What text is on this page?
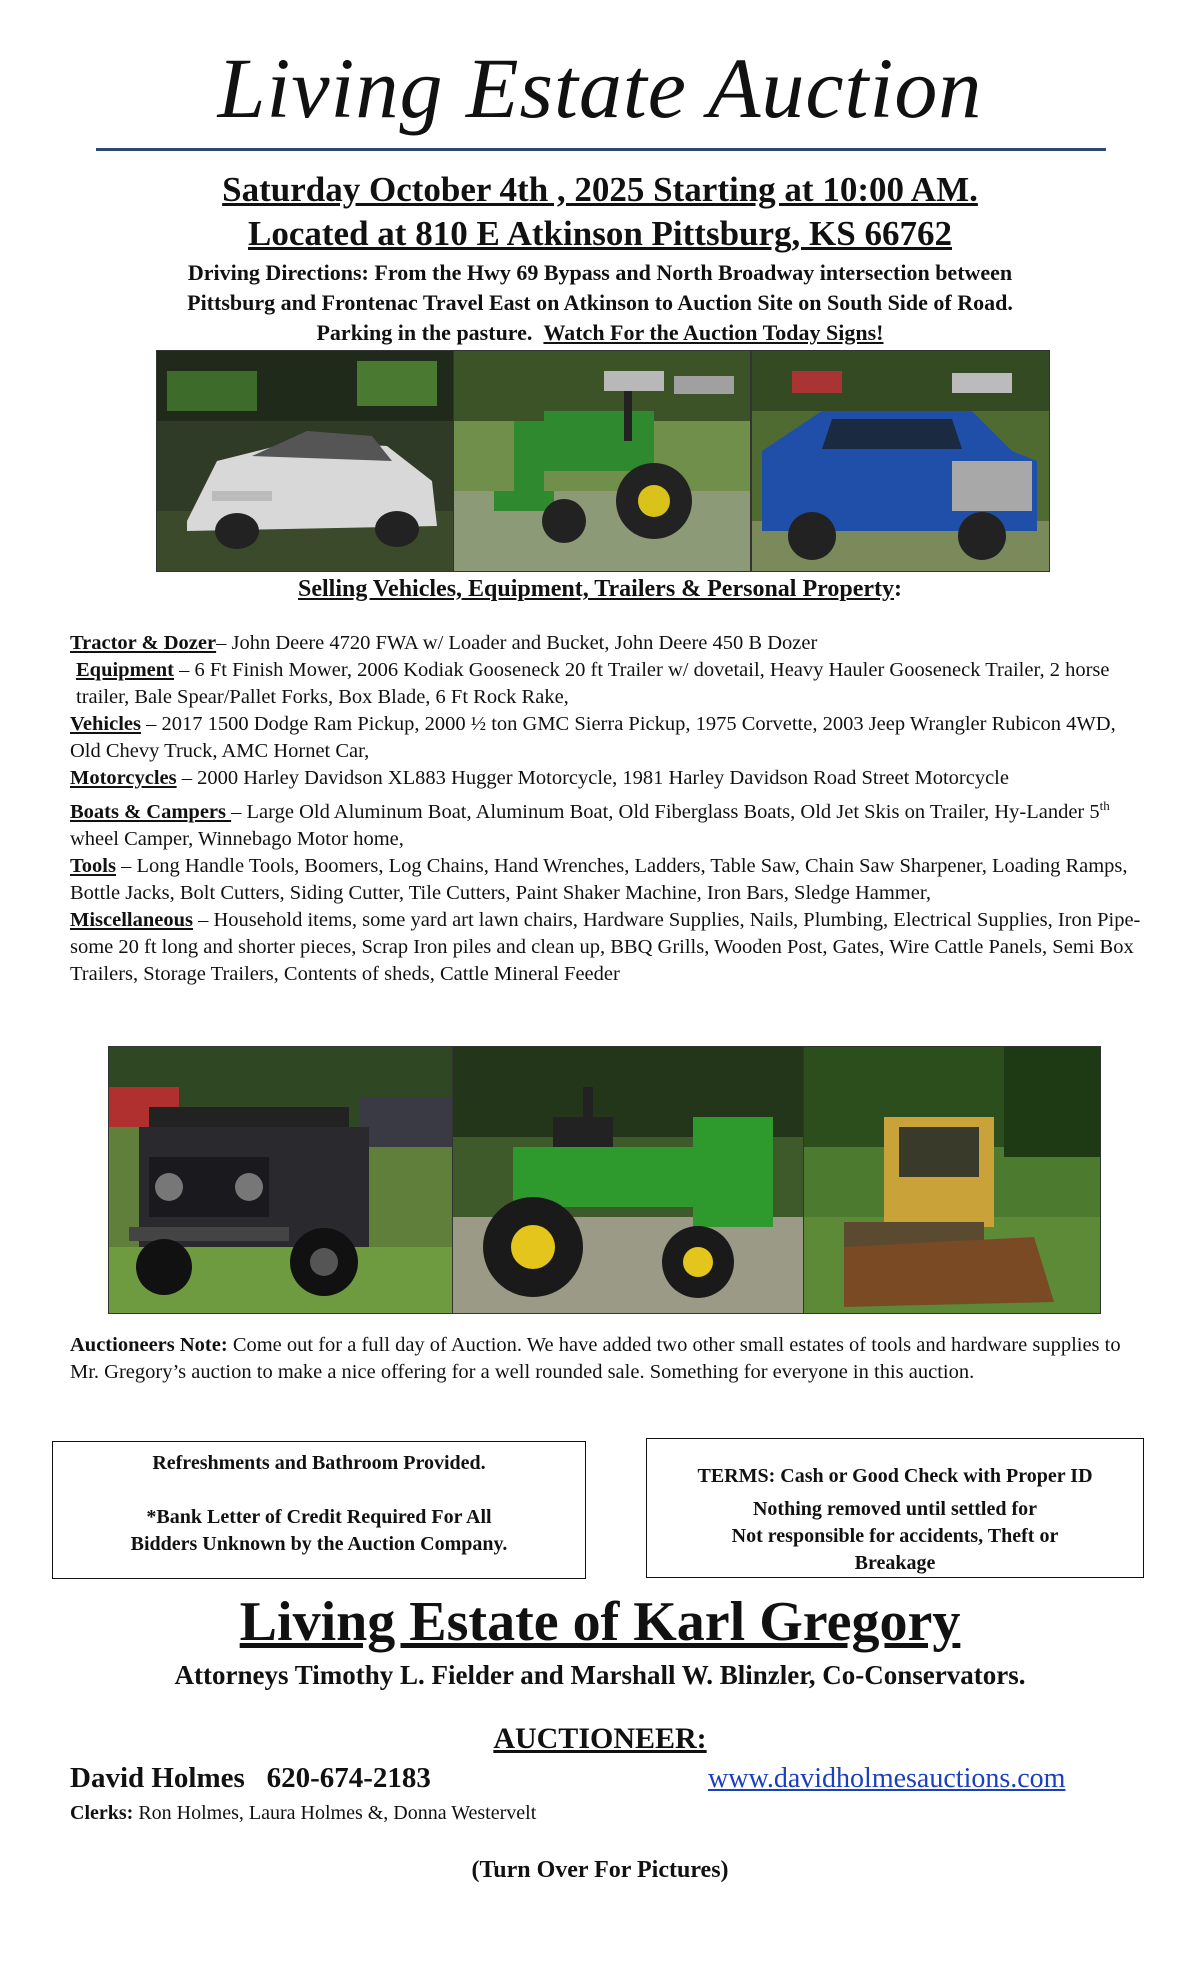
Living Estate Auction
Saturday October 4th , 2025 Starting at 10:00 AM.
Located at 810 E Atkinson Pittsburg, KS 66762
Driving Directions: From the Hwy 69 Bypass and North Broadway intersection between
Pittsburg and Frontenac Travel East on Atkinson to Auction Site on South Side of Road.
Parking in the pasture. Watch For the Auction Today Signs!
Selling Vehicles, Equipment, Trailers & Personal Property:
Tractor & Dozer– John Deere 4720 FWA w/ Loader and Bucket, John Deere 450 B Dozer
Equipment – 6 Ft Finish Mower, 2006 Kodiak Gooseneck 20 ft Trailer w/ dovetail, Heavy Hauler Gooseneck Trailer, 2 horse trailer, Bale Spear/Pallet Forks, Box Blade, 6 Ft Rock Rake,
Vehicles – 2017 1500 Dodge Ram Pickup, 2000 ½ ton GMC Sierra Pickup, 1975 Corvette, 2003 Jeep Wrangler Rubicon 4WD, Old Chevy Truck, AMC Hornet Car,
Motorcycles – 2000 Harley Davidson XL883 Hugger Motorcycle, 1981 Harley Davidson Road Street Motorcycle
Boats & Campers – Large Old Aluminum Boat, Aluminum Boat, Old Fiberglass Boats, Old Jet Skis on Trailer, Hy-Lander 5th wheel Camper, Winnebago Motor home,
Tools – Long Handle Tools, Boomers, Log Chains, Hand Wrenches, Ladders, Table Saw, Chain Saw Sharpener, Loading Ramps, Bottle Jacks, Bolt Cutters, Siding Cutter, Tile Cutters, Paint Shaker Machine, Iron Bars, Sledge Hammer,
Miscellaneous – Household items, some yard art lawn chairs, Hardware Supplies, Nails, Plumbing, Electrical Supplies, Iron Pipe-some 20 ft long and shorter pieces, Scrap Iron piles and clean up, BBQ Grills, Wooden Post, Gates, Wire Cattle Panels, Semi Box Trailers, Storage Trailers, Contents of sheds, Cattle Mineral Feeder
Auctioneers Note: Come out for a full day of Auction. We have added two other small estates of tools and hardware supplies to Mr. Gregory’s auction to make a nice offering for a well rounded sale. Something for everyone in this auction.
Refreshments and Bathroom Provided.
*Bank Letter of Credit Required For All
Bidders Unknown by the Auction Company.
TERMS: Cash or Good Check with Proper ID
Nothing removed until settled for
Not responsible for accidents, Theft or
Breakage
Living Estate of Karl Gregory
Attorneys Timothy L. Fielder and Marshall W. Blinzler, Co-Conservators.
AUCTIONEER:
David Holmes 620-674-2183	www.davidholmesauctions.com
Clerks: Ron Holmes, Laura Holmes &, Donna Westervelt
(Turn Over For Pictures)
